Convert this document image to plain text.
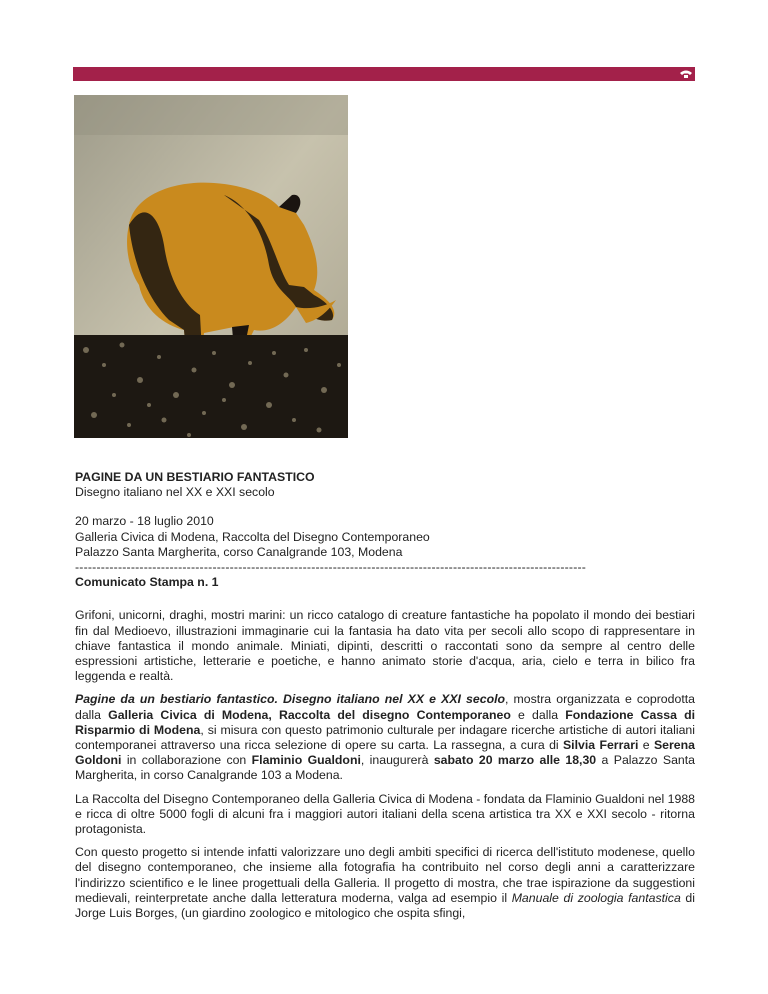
PAGINE DA UN BESTIARIO FANTASTICO

Disegno italiano nel XX e XXI secolo

20 marzo - 18 luglio 2010

Galleria Civica di Modena, Raccolta del Disegno Contemporaneo

Palazzo Santa Margherita, corso Canalgrande 103, Modena

-----------------------------------------------------------------------------------------------------------------------

Comunicato Stampa n. 1

Grifoni, unicorni, draghi, mostri marini: un ricco catalogo di creature fantastiche ha popolato il mondo dei bestiari fin dal Medioevo, illustrazioni immaginarie cui la fantasia ha dato vita per secoli allo scopo di rappresentare in chiave fantastica il mondo animale. Miniati, dipinti, descritti o raccontati sono da sempre al centro delle espressioni artistiche, letterarie e poetiche, e hanno animato storie d'acqua, aria, cielo e terra in bilico fra leggenda e realtà.

Pagine da un bestiario fantastico. Disegno italiano nel XX e XXI secolo, mostra organizzata e coprodotta dalla Galleria Civica di Modena, Raccolta del disegno Contemporaneo e dalla Fondazione Cassa di Risparmio di Modena, si misura con questo patrimonio culturale per indagare ricerche artistiche di autori italiani contemporanei attraverso una ricca selezione di opere su carta. La rassegna, a cura di Silvia Ferrari e Serena Goldoni in collaborazione con Flaminio Gualdoni, inaugurerà sabato 20 marzo alle 18,30 a Palazzo Santa Margherita, in corso Canalgrande 103 a Modena.

La Raccolta del Disegno Contemporaneo della Galleria Civica di Modena - fondata da Flaminio Gualdoni nel 1988 e ricca di oltre 5000 fogli di alcuni fra i maggiori autori italiani della scena artistica tra XX e XXI secolo - ritorna protagonista.

Con questo progetto si intende infatti valorizzare uno degli ambiti specifici di ricerca dell'istituto modenese, quello del disegno contemporaneo, che insieme alla fotografia ha contribuito nel corso degli anni a caratterizzare l'indirizzo scientifico e le linee progettuali della Galleria. Il progetto di mostra, che trae ispirazione da suggestioni medievali, reinterpretate anche dalla letteratura moderna, valga ad esempio il Manuale di zoologia fantastica di Jorge Luis Borges, (un giardino zoologico e mitologico che ospita sfingi,
